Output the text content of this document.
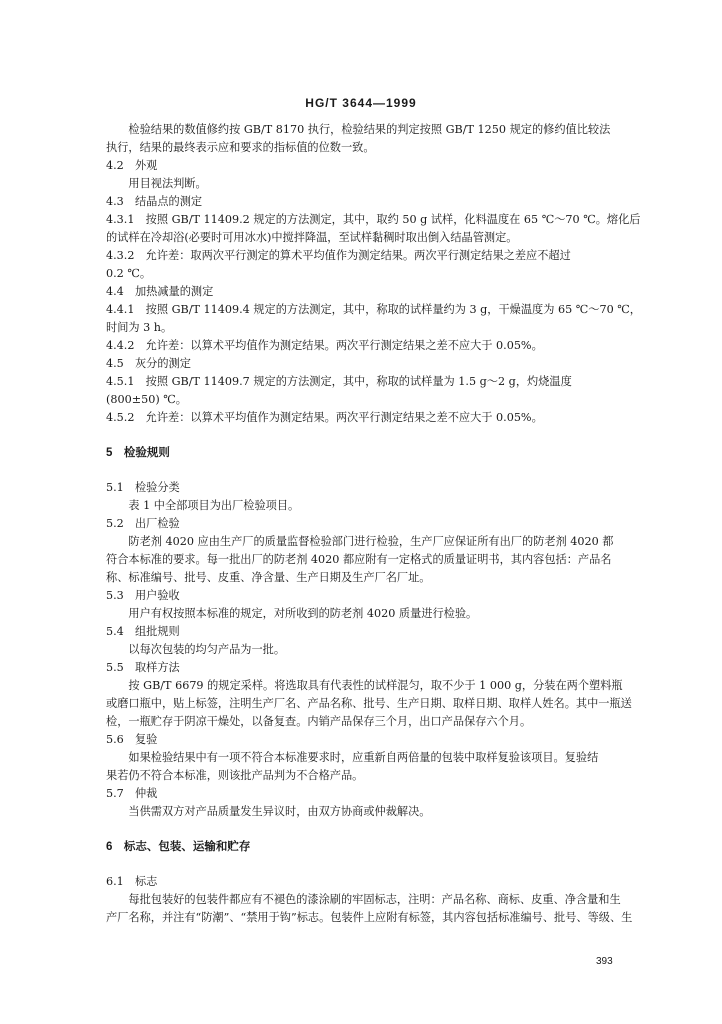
HG/T 3644—1999

检验结果的数值修约按 GB/T 8170 执行，检验结果的判定按照 GB/T 1250 规定的修约值比较法

执行，结果的最终表示应和要求的指标值的位数一致。

4.2　外观

用目视法判断。

4.3　结晶点的测定

4.3.1　按照 GB/T 11409.2 规定的方法测定，其中，取约 50 g 试样，化料温度在 65 ℃～70 ℃。熔化后

的试样在冷却浴(必要时可用冰水)中搅拌降温，至试样黏稠时取出倒入结晶管测定。

4.3.2　允许差：取两次平行测定的算术平均值作为测定结果。两次平行测定结果之差应不超过

0.2 ℃。

4.4　加热减量的测定

4.4.1　按照 GB/T 11409.4 规定的方法测定，其中，称取的试样量约为 3 g，干燥温度为 65 ℃～70 ℃，

时间为 3 h。

4.4.2　允许差：以算术平均值作为测定结果。两次平行测定结果之差不应大于 0.05%。

4.5　灰分的测定

4.5.1　按照 GB/T 11409.7 规定的方法测定，其中，称取的试样量为 1.5 g～2 g，灼烧温度

(800±50) ℃。

4.5.2　允许差：以算术平均值作为测定结果。两次平行测定结果之差不应大于 0.05%。

5　检验规则

5.1　检验分类

表 1 中全部项目为出厂检验项目。

5.2　出厂检验

防老剂 4020 应由生产厂的质量监督检验部门进行检验，生产厂应保证所有出厂的防老剂 4020 都

符合本标准的要求。每一批出厂的防老剂 4020 都应附有一定格式的质量证明书，其内容包括：产品名

称、标准编号、批号、皮重、净含量、生产日期及生产厂名厂址。

5.3　用户验收

用户有权按照本标准的规定，对所收到的防老剂 4020 质量进行检验。

5.4　组批规则

以每次包装的均匀产品为一批。

5.5　取样方法

按 GB/T 6679 的规定采样。将选取具有代表性的试样混匀，取不少于 1 000 g，分装在两个塑料瓶

或磨口瓶中，贴上标签，注明生产厂名、产品名称、批号、生产日期、取样日期、取样人姓名。其中一瓶送

检，一瓶贮存于阴凉干燥处，以备复查。内销产品保存三个月，出口产品保存六个月。

5.6　复验

如果检验结果中有一项不符合本标准要求时，应重新自两倍量的包装中取样复验该项目。复验结

果若仍不符合本标准，则该批产品判为不合格产品。

5.7　仲裁

当供需双方对产品质量发生异议时，由双方协商或仲裁解决。

6　标志、包装、运输和贮存

6.1　标志

每批包装好的包装件都应有不褪色的漆涂刷的牢固标志，注明：产品名称、商标、皮重、净含量和生

产厂名称，并注有“防潮”、“禁用于钩”标志。包装件上应附有标签，其内容包括标准编号、批号、等级、生

393
